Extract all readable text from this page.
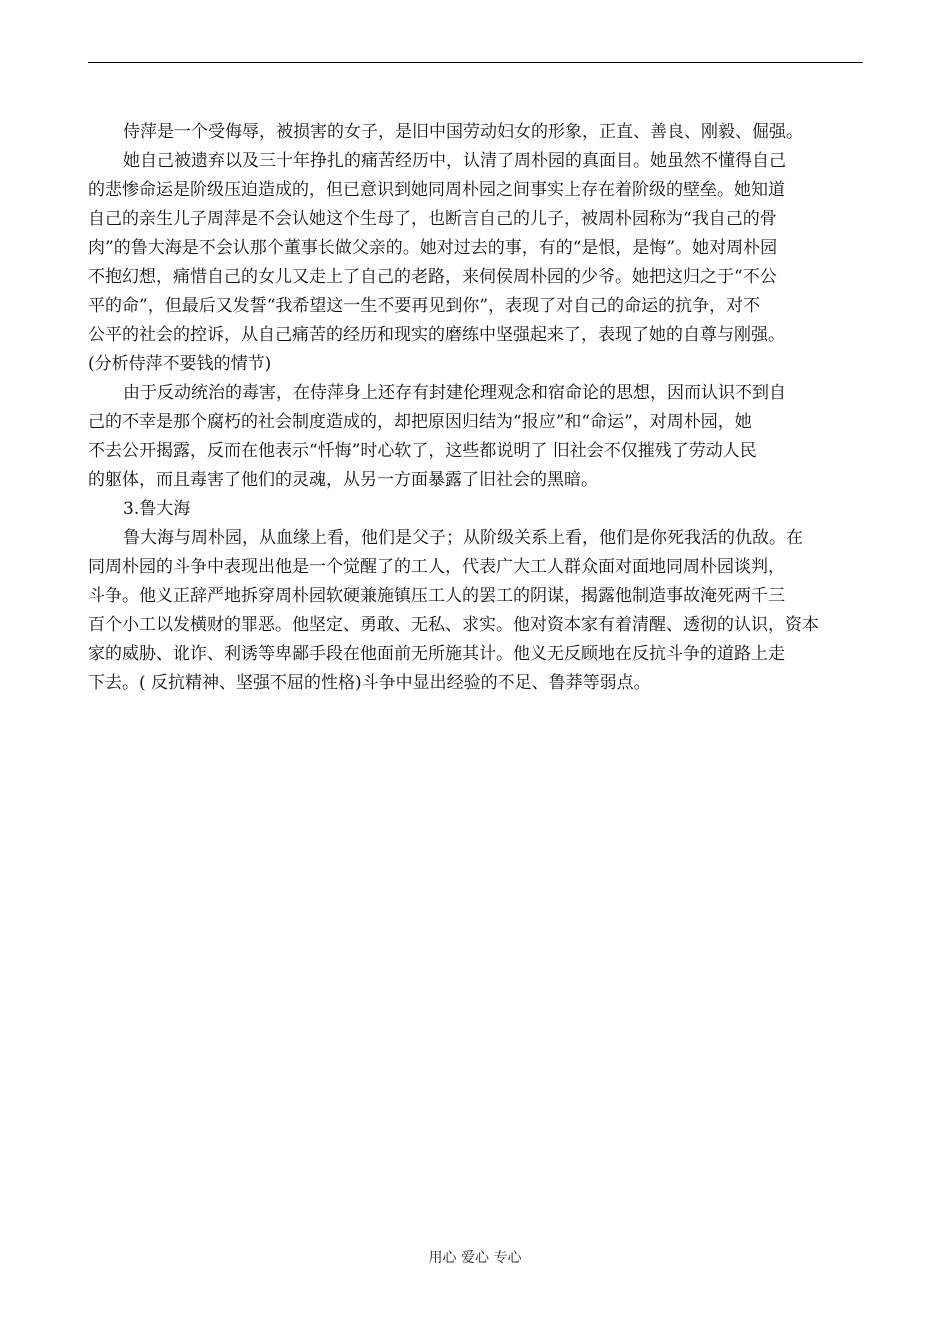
侍萍是一个受侮辱，被损害的女子，是旧中国劳动妇女的形象，正直、善良、刚毅、倔强。
她自己被遗弃以及三十年挣扎的痛苦经历中，认清了周朴园的真面目。她虽然不懂得自己
的悲惨命运是阶级压迫造成的，但已意识到她同周朴园之间事实上存在着阶级的壁垒。她知道
自己的亲生儿子周萍是不会认她这个生母了，也断言自己的儿子，被周朴园称为“我自己的骨
肉”的鲁大海是不会认那个董事长做父亲的。她对过去的事，有的“是恨，是悔”。她对周朴园
不抱幻想，痛惜自己的女儿又走上了自己的老路，来伺侯周朴园的少爷。她把这归之于“不公
平的命”，但最后又发誓“我希望这一生不要再见到你”，表现了对自己的命运的抗争，对不
公平的社会的控诉，从自己痛苦的经历和现实的磨练中坚强起来了，表现了她的自尊与刚强。
(分析侍萍不要钱的情节)
由于反动统治的毒害，在侍萍身上还存有封建伦理观念和宿命论的思想，因而认识不到自
己的不幸是那个腐朽的社会制度造成的，却把原因归结为“报应”和“命运”，对周朴园，她
不去公开揭露，反而在他表示“忏悔”时心软了，这些都说明了 旧社会不仅摧残了劳动人民
的躯体，而且毒害了他们的灵魂，从另一方面暴露了旧社会的黑暗。
3.鲁大海
鲁大海与周朴园，从血缘上看，他们是父子；从阶级关系上看，他们是你死我活的仇敌。在
同周朴园的斗争中表现出他是一个觉醒了的工人，代表广大工人群众面对面地同周朴园谈判，
斗争。他义正辞严地拆穿周朴园软硬兼施镇压工人的罢工的阴谋，揭露他制造事故淹死两千三
百个小工以发横财的罪恶。他坚定、勇敢、无私、求实。他对资本家有着清醒、透彻的认识，资本
家的威胁、讹诈、利诱等卑鄙手段在他面前无所施其计。他义无反顾地在反抗斗争的道路上走
下去。( 反抗精神、坚强不屈的性格)斗争中显出经验的不足、鲁莽等弱点。
用心 爱心 专心
